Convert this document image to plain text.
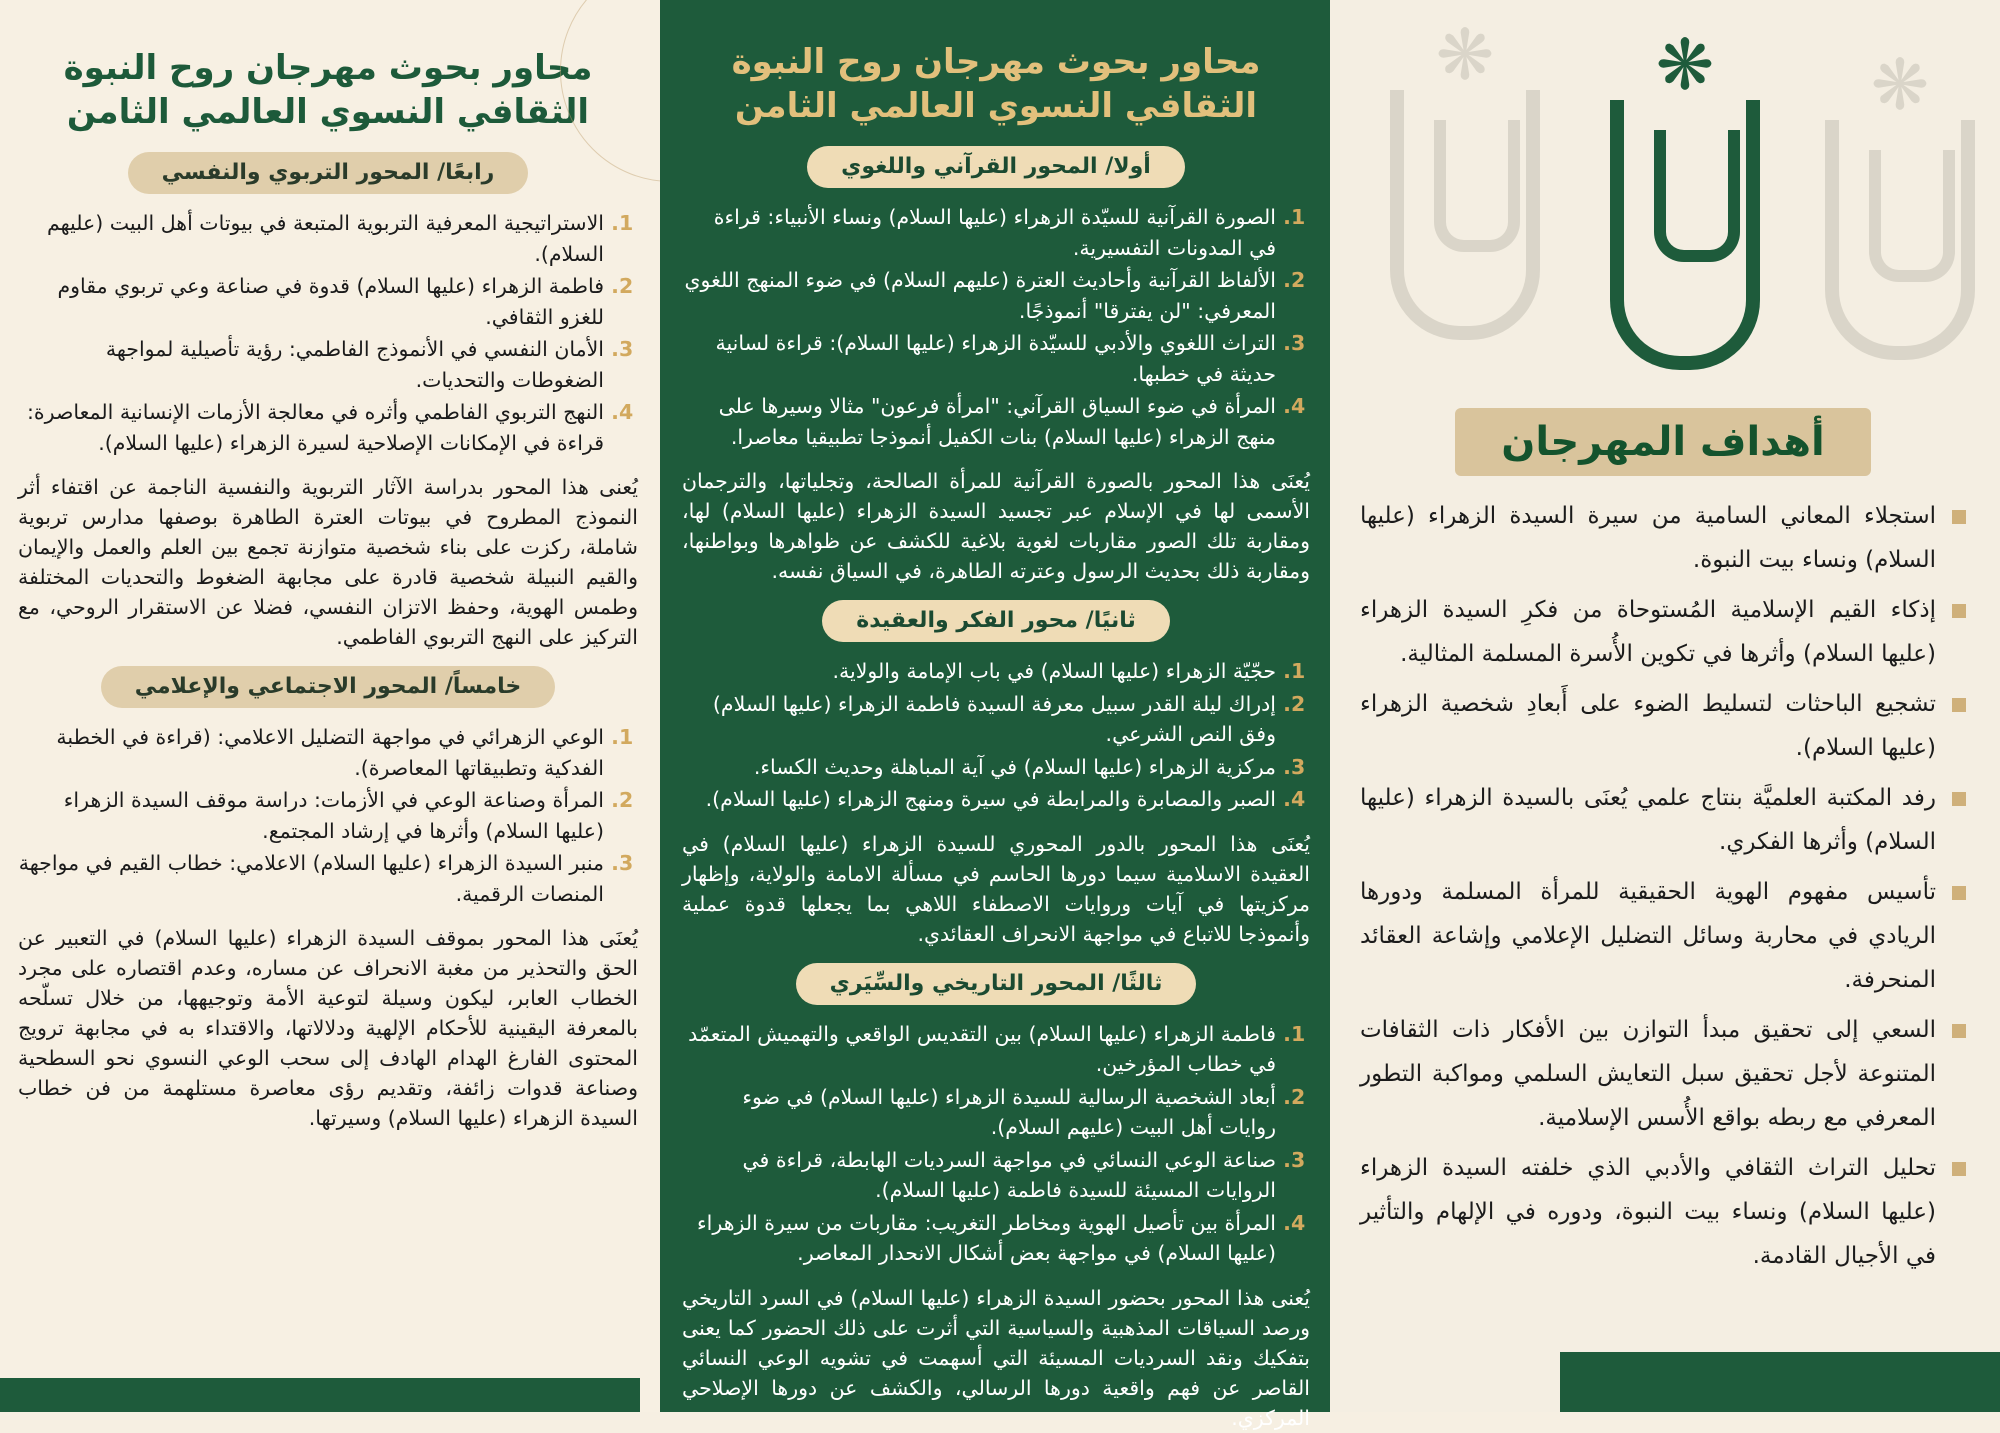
محاور بحوث مهرجان روح النبوة
الثقافي النسوي العالمي الثامن
رابعًا/ المحور التربوي والنفسي
1. الاستراتيجية المعرفية التربوية المتبعة في بيوتات أهل البيت (عليهم السلام).
2. فاطمة الزهراء (عليها السلام) قدوة في صناعة وعي تربوي مقاوم للغزو الثقافي.
3. الأمان النفسي في الأنموذج الفاطمي: رؤية تأصيلية لمواجهة الضغوطات والتحديات.
4. النهج التربوي الفاطمي وأثره في معالجة الأزمات الإنسانية المعاصرة: قراءة في الإمكانات الإصلاحية لسيرة الزهراء (عليها السلام).

يُعنى هذا المحور بدراسة الآثار التربوية والنفسية الناجمة عن اقتفاء أثر النموذج المطروح في بيوتات العترة الطاهرة بوصفها مدارس تربوية شاملة، ركزت على بناء شخصية متوازنة تجمع بين العلم والعمل والإيمان والقيم النبيلة شخصية قادرة على مجابهة الضغوط والتحديات المختلفة وطمس الهوية، وحفظ الاتزان النفسي، فضلا عن الاستقرار الروحي، مع التركيز على النهج التربوي الفاطمي.

خامساً/ المحور الاجتماعي والإعلامي
1. الوعي الزهرائي في مواجهة التضليل الاعلامي: (قراءة في الخطبة الفدكية وتطبيقاتها المعاصرة).
2. المرأة وصناعة الوعي في الأزمات: دراسة موقف السيدة الزهراء (عليها السلام) وأثرها في إرشاد المجتمع.
3. منبر السيدة الزهراء (عليها السلام) الاعلامي: خطاب القيم في مواجهة المنصات الرقمية.

يُعنَى هذا المحور بموقف السيدة الزهراء (عليها السلام) في التعبير عن الحق والتحذير من مغبة الانحراف عن مساره، وعدم اقتصاره على مجرد الخطاب العابر، ليكون وسيلة لتوعية الأمة وتوجيهها، من خلال تسلّحه بالمعرفة اليقينية للأحكام الإلهية ودلالاتها، والاقتداء به في مجابهة ترويج المحتوى الفارغ الهدام الهادف إلى سحب الوعي النسوي نحو السطحية وصناعة قدوات زائفة، وتقديم رؤى معاصرة مستلهمة من فن خطاب السيدة الزهراء (عليها السلام) وسيرتها.

محاور بحوث مهرجان روح النبوة
الثقافي النسوي العالمي الثامن
أولا/ المحور القرآني واللغوي
1. الصورة القرآنية للسيّدة الزهراء (عليها السلام) ونساء الأنبياء: قراءة في المدونات التفسيرية.
2. الألفاظ القرآنية وأحاديث العترة (عليهم السلام) في ضوء المنهج اللغوي المعرفي: "لن يفترقا" أنموذجًا.
3. التراث اللغوي والأدبي للسيّدة الزهراء (عليها السلام): قراءة لسانية حديثة في خطبها.
4. المرأة في ضوء السياق القرآني: "امرأة فرعون" مثالا وسيرها على منهج الزهراء (عليها السلام) بنات الكفيل أنموذجا تطبيقيا معاصرا.

يُعنَى هذا المحور بالصورة القرآنية للمرأة الصالحة، وتجلياتها، والترجمان الأسمى لها في الإسلام عبر تجسيد السيدة الزهراء (عليها السلام) لها، ومقاربة تلك الصور مقاربات لغوية بلاغية للكشف عن ظواهرها وبواطنها، ومقاربة ذلك بحديث الرسول وعترته الطاهرة، في السياق نفسه.

ثانيًا/ محور الفكر والعقيدة
1. حجّيّة الزهراء (عليها السلام) في باب الإمامة والولاية.
2. إدراك ليلة القدر سبيل معرفة السيدة فاطمة الزهراء (عليها السلام) وفق النص الشرعي.
3. مركزية الزهراء (عليها السلام) في آية المباهلة وحديث الكساء.
4. الصبر والمصابرة والمرابطة في سيرة ومنهج الزهراء (عليها السلام).

يُعنَى هذا المحور بالدور المحوري للسيدة الزهراء (عليها السلام) في العقيدة الاسلامية سيما دورها الحاسم في مسألة الامامة والولاية، وإظهار مركزيتها في آيات وروايات الاصطفاء اللاهي بما يجعلها قدوة عملية وأنموذجا للاتباع في مواجهة الانحراف العقائدي.

ثالثًا/ المحور التاريخي والسِّيَري
1. فاطمة الزهراء (عليها السلام) بين التقديس الواقعي والتهميش المتعمّد في خطاب المؤرخين.
2. أبعاد الشخصية الرسالية للسيدة الزهراء (عليها السلام) في ضوء روايات أهل البيت (عليهم السلام).
3. صناعة الوعي النسائي في مواجهة السرديات الهابطة، قراءة في الروايات المسيئة للسيدة فاطمة (عليها السلام).
4. المرأة بين تأصيل الهوية ومخاطر التغريب: مقاربات من سيرة الزهراء (عليها السلام) في مواجهة بعض أشكال الانحدار المعاصر.

يُعنى هذا المحور بحضور السيدة الزهراء (عليها السلام) في السرد التاريخي ورصد السياقات المذهبية والسياسية التي أثرت على ذلك الحضور كما يعنى بتفكيك ونقد السرديات المسيئة التي أسهمت في تشويه الوعي النسائي القاصر عن فهم واقعية دورها الرسالي، والكشف عن دورها الإصلاحي المركزي.

❋ ❋ ❋
أهداف المهرجان
استجلاء المعاني السامية من سيرة السيدة الزهراء (عليها السلام) ونساء بيت النبوة.
إذكاء القيم الإسلامية المُستوحاة من فكرِ السيدة الزهراء (عليها السلام) وأثرها في تكوين الأُسرة المسلمة المثالية.
تشجيع الباحثات لتسليط الضوء على أَبعادِ شخصية الزهراء (عليها السلام).
رفد المكتبة العلميَّة بنتاج علمي يُعنَى بالسيدة الزهراء (عليها السلام) وأثرها الفكري.
تأسيس مفهوم الهوية الحقيقية للمرأة المسلمة ودورها الريادي في محاربة وسائل التضليل الإعلامي وإشاعة العقائد المنحرفة.
السعي إلى تحقيق مبدأ التوازن بين الأفكار ذات الثقافات المتنوعة لأجل تحقيق سبل التعايش السلمي ومواكبة التطور المعرفي مع ربطه بواقع الأُسس الإسلامية.
تحليل التراث الثقافي والأدبي الذي خلفته السيدة الزهراء (عليها السلام) ونساء بيت النبوة، ودوره في الإلهام والتأثير في الأجيال القادمة.
